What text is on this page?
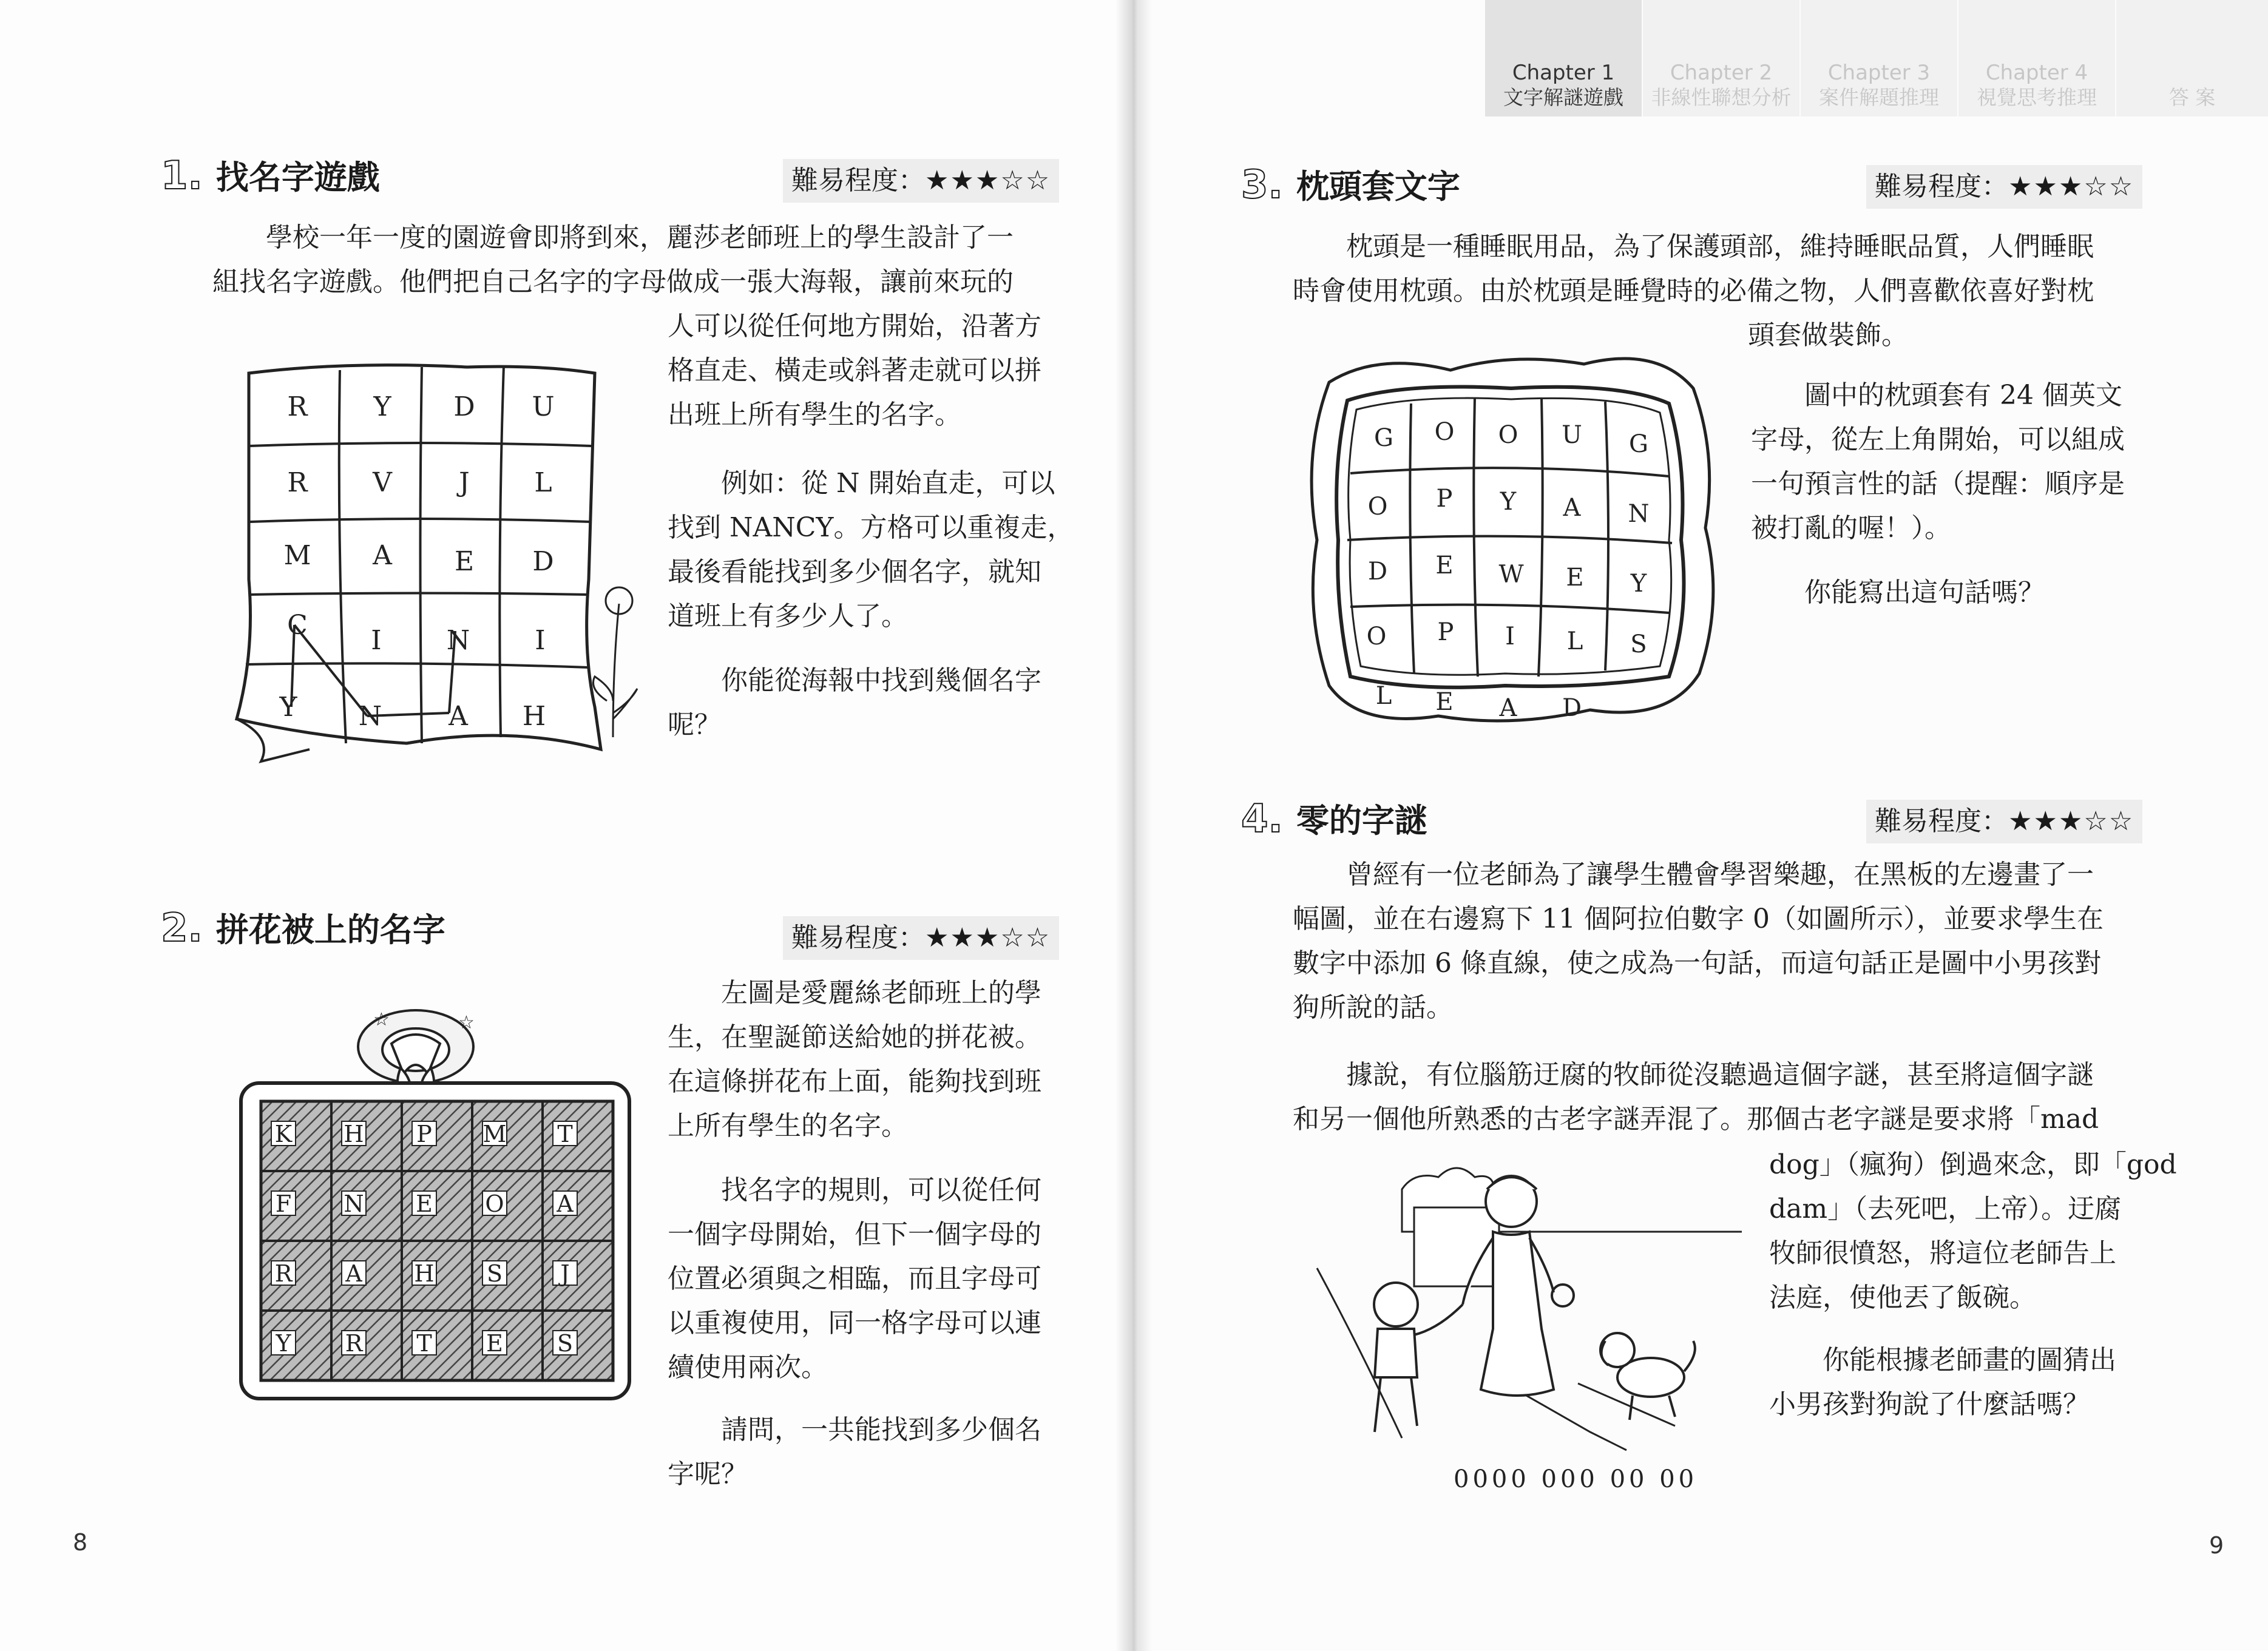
Chapter 1
文字解謎遊戲
Chapter 2
非線性聯想分析
Chapter 3
案件解題推理
Chapter 4
視覺思考推理	答 案
1. 找名字遊戲	難易程度：★★★☆☆
學校一年一度的園遊會即將到來，麗莎老師班上的學生設計了一
組找名字遊戲。他們把自己名字的字母做成一張大海報，讓前來玩的
人可以從任何地方開始，沿著方
格直走、橫走或斜著走就可以拼
出班上所有學生的名字。
例如：從 N 開始直走，可以
找到 NANCY。方格可以重複走，
最後看能找到多少個名字，就知
道班上有多少人了。
你能從海報中找到幾個名字
呢？
R Y D U
R V	J L
M A E D
C I N I
Y N A H
2. 拼花被上的名字	難易程度：★★★☆☆
左圖是愛麗絲老師班上的學
生，在聖誕節送給她的拼花被。
在這條拼花布上面，能夠找到班
上所有學生的名字。
找名字的規則，可以從任何
一個字母開始，但下一個字母的
位置必須與之相臨，而且字母可
以重複使用，同一格字母可以連
續使用兩次。
請問，一共能找到多少個名
字呢？
☆	☆
K H P M T
F N E O A
R A H S	J
Y R T E S
8
3. 枕頭套文字	難易程度：★★★☆☆
枕頭是一種睡眠用品，為了保護頭部，維持睡眠品質，人們睡眠
時會使用枕頭。由於枕頭是睡覺時的必備之物，人們喜歡依喜好對枕
頭套做裝飾。
圖中的枕頭套有 24 個英文
字母，從左上角開始，可以組成
一句預言性的話（提醒：順序是
被打亂的喔！）。
你能寫出這句話嗎？
G O O U G
O P Y A N
D E W E Y
O P I L S
L E A D
4. 零的字謎	難易程度：★★★☆☆
曾經有一位老師為了讓學生體會學習樂趣，在黑板的左邊畫了一
幅圖，並在右邊寫下 11 個阿拉伯數字 0（如圖所示），並要求學生在
數字中添加 6 條直線，使之成為一句話，而這句話正是圖中小男孩對
狗所說的話。
據說，有位腦筋迂腐的牧師從沒聽過這個字謎，甚至將這個字謎
和另一個他所熟悉的古老字謎弄混了。那個古老字謎是要求將「mad
dog」（瘋狗）倒過來念，即「god
dam」（去死吧，上帝）。迂腐
牧師很憤怒，將這位老師告上
法庭，使他丟了飯碗。
你能根據老師畫的圖猜出
小男孩對狗說了什麼話嗎？
0000 000 00 00
9
